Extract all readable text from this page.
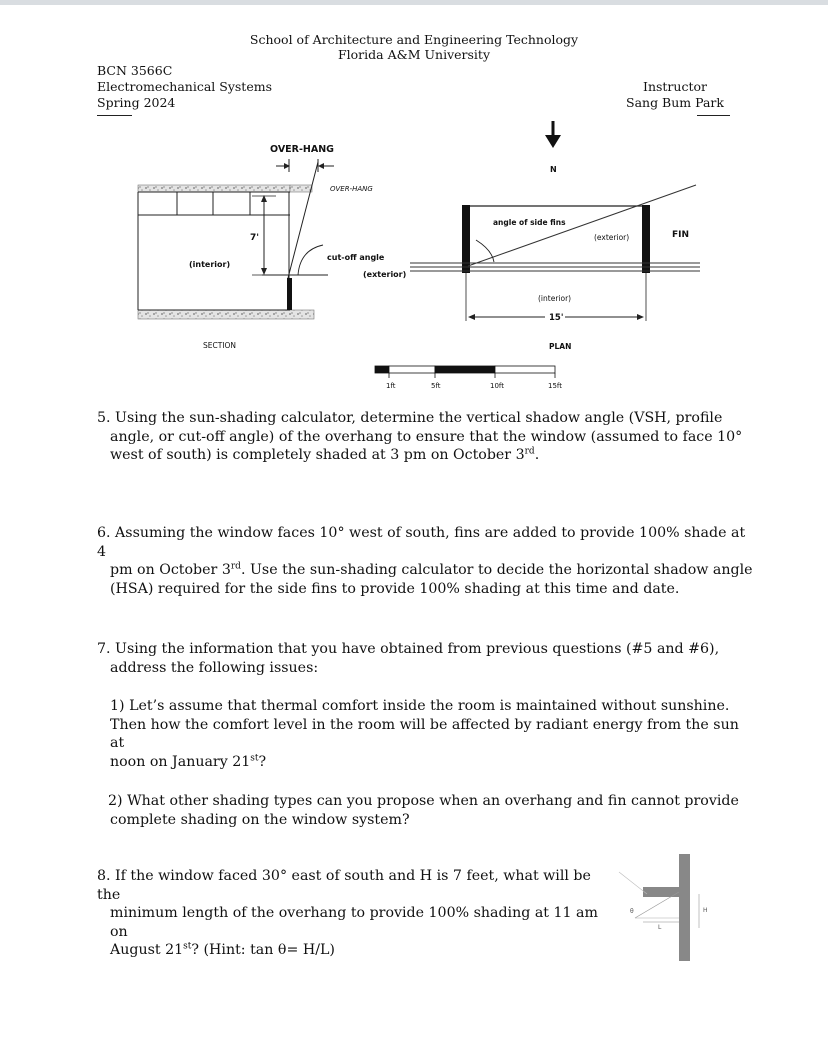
School of Architecture and Engineering Technology
Florida A&M University
BCN 3566C
Electromechanical Systems
Spring 2024
Instructor
Sang Bum Park
OVER-HANG
OVER-HANG
7'
(interior)
cut-off angle
(exterior)
SECTION
N
angle of side fins
(exterior)	FIN
(interior)
15'
PLAN
1ft	5ft	10ft	15ft
5. Using the sun-shading calculator, determine the vertical shadow angle (VSH, profile
angle, or cut-off angle) of the overhang to ensure that the window (assumed to face 10°
west of south) is completely shaded at 3 pm on October 3rd.
6. Assuming the window faces 10° west of south, fins are added to provide 100% shade at 4
pm on October 3rd. Use the sun-shading calculator to decide the horizontal shadow angle
(HSA) required for the side fins to provide 100% shading at this time and date.
7. Using the information that you have obtained from previous questions (#5 and #6),
address the following issues:
1) Let’s assume that thermal comfort inside the room is maintained without sunshine.
Then how the comfort level in the room will be affected by radiant energy from the sun at
noon on January 21st?
2) What other shading types can you propose when an overhang and fin cannot provide
complete shading on the window system?
8. If the window faced 30° east of south and H is 7 feet, what will be the
minimum length of the overhang to provide 100% shading at 11 am on
August 21st? (Hint: tan θ= H/L)
θ
L
H
